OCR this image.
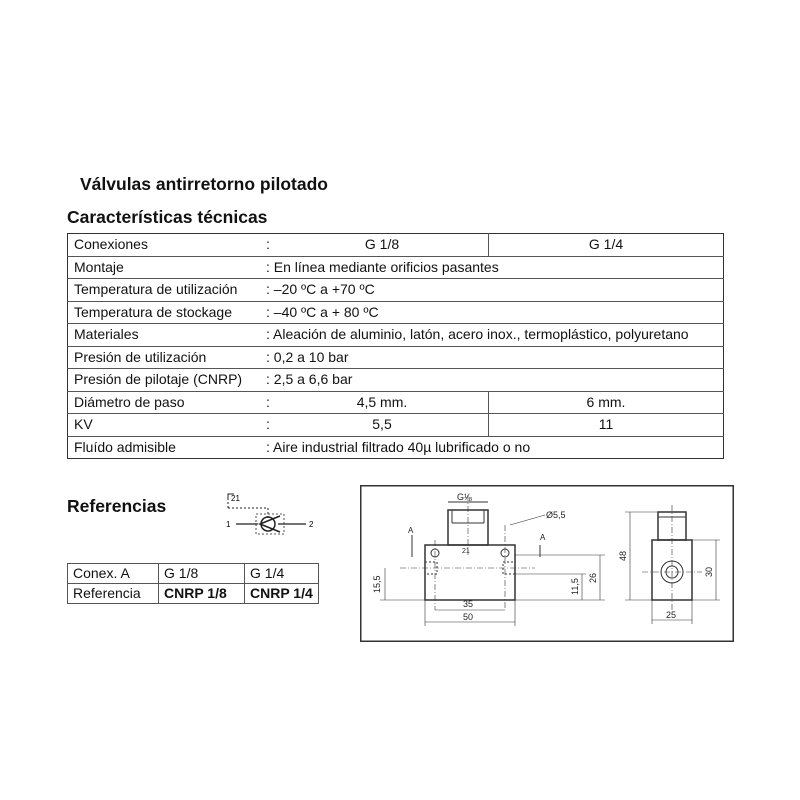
Válvulas antirretorno pilotado
Características técnicas
Conexiones	:	G 1/8	G 1/4
Montaje	: En línea mediante orificios pasantes		
Temperatura de utilización	: –20 ºC a +70 ºC		
Temperatura de stockage	: –40 ºC a + 80 ºC		
Materiales	: Aleación de aluminio, latón, acero inox., termoplástico, polyuretano		
Presión de utilización	: 0,2 a 10 bar		
Presión de pilotaje (CNRP)	: 2,5 a 6,6 bar		
Diámetro de paso	:	4,5 mm.	6 mm.
KV	:	5,5	11
Fluído admisible	: Aire industrial filtrado 40µ lubrificado o no		
Referencias	21
1	2
Conex. A	G 1/8	G 1/4
Referencia	CNRP 1/8	CNRP 1/4
G¹⁄₈
21
Ø5,5
A
A
15,5	26
11,5
35
50
48
30
25
